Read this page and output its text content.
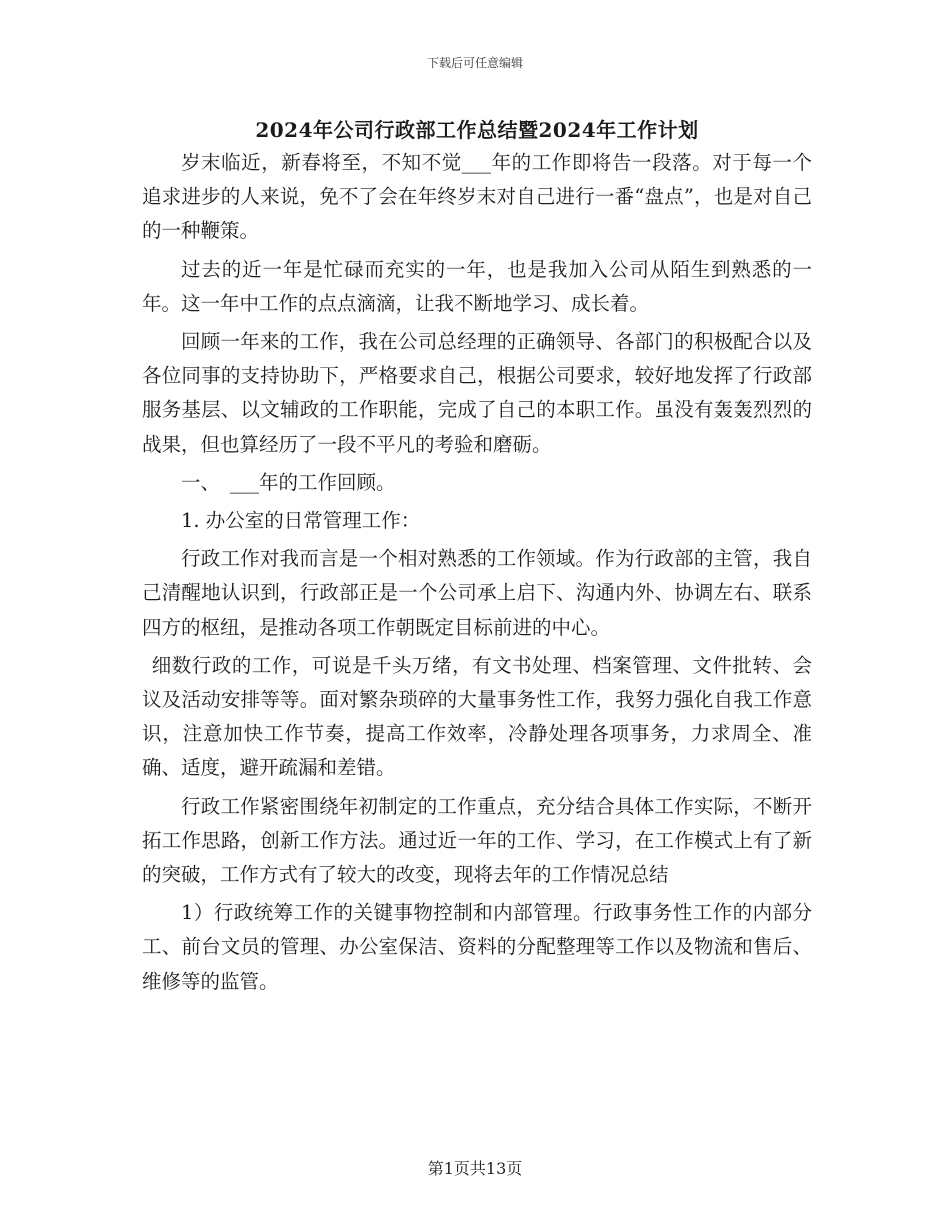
下载后可任意编辑
2024年公司行政部工作总结暨2024年工作计划

岁末临近，新春将至，不知不觉___年的工作即将告一段落。对于每一个追求进步的人来说，免不了会在年终岁末对自己进行一番“盘点”，也是对自己的一种鞭策。

过去的近一年是忙碌而充实的一年，也是我加入公司从陌生到熟悉的一年。这一年中工作的点点滴滴，让我不断地学习、成长着。

回顾一年来的工作，我在公司总经理的正确领导、各部门的积极配合以及各位同事的支持协助下，严格要求自己，根据公司要求，较好地发挥了行政部服务基层、以文辅政的工作职能，完成了自己的本职工作。虽没有轰轰烈烈的战果，但也算经历了一段不平凡的考验和磨砺。

一、　___年的工作回顾。

1. 办公室的日常管理工作：

行政工作对我而言是一个相对熟悉的工作领域。作为行政部的主管，我自己清醒地认识到，行政部正是一个公司承上启下、沟通内外、协调左右、联系四方的枢纽，是推动各项工作朝既定目标前进的中心。

细数行政的工作，可说是千头万绪，有文书处理、档案管理、文件批转、会议及活动安排等等。面对繁杂琐碎的大量事务性工作，我努力强化自我工作意识，注意加快工作节奏，提高工作效率，冷静处理各项事务，力求周全、准确、适度，避开疏漏和差错。

行政工作紧密围绕年初制定的工作重点，充分结合具体工作实际，不断开拓工作思路，创新工作方法。通过近一年的工作、学习，在工作模式上有了新的突破，工作方式有了较大的改变，现将去年的工作情况总结

1）行政统筹工作的关键事物控制和内部管理。行政事务性工作的内部分工、前台文员的管理、办公室保洁、资料的分配整理等工作以及物流和售后、维修等的监管。

第1页共13页
